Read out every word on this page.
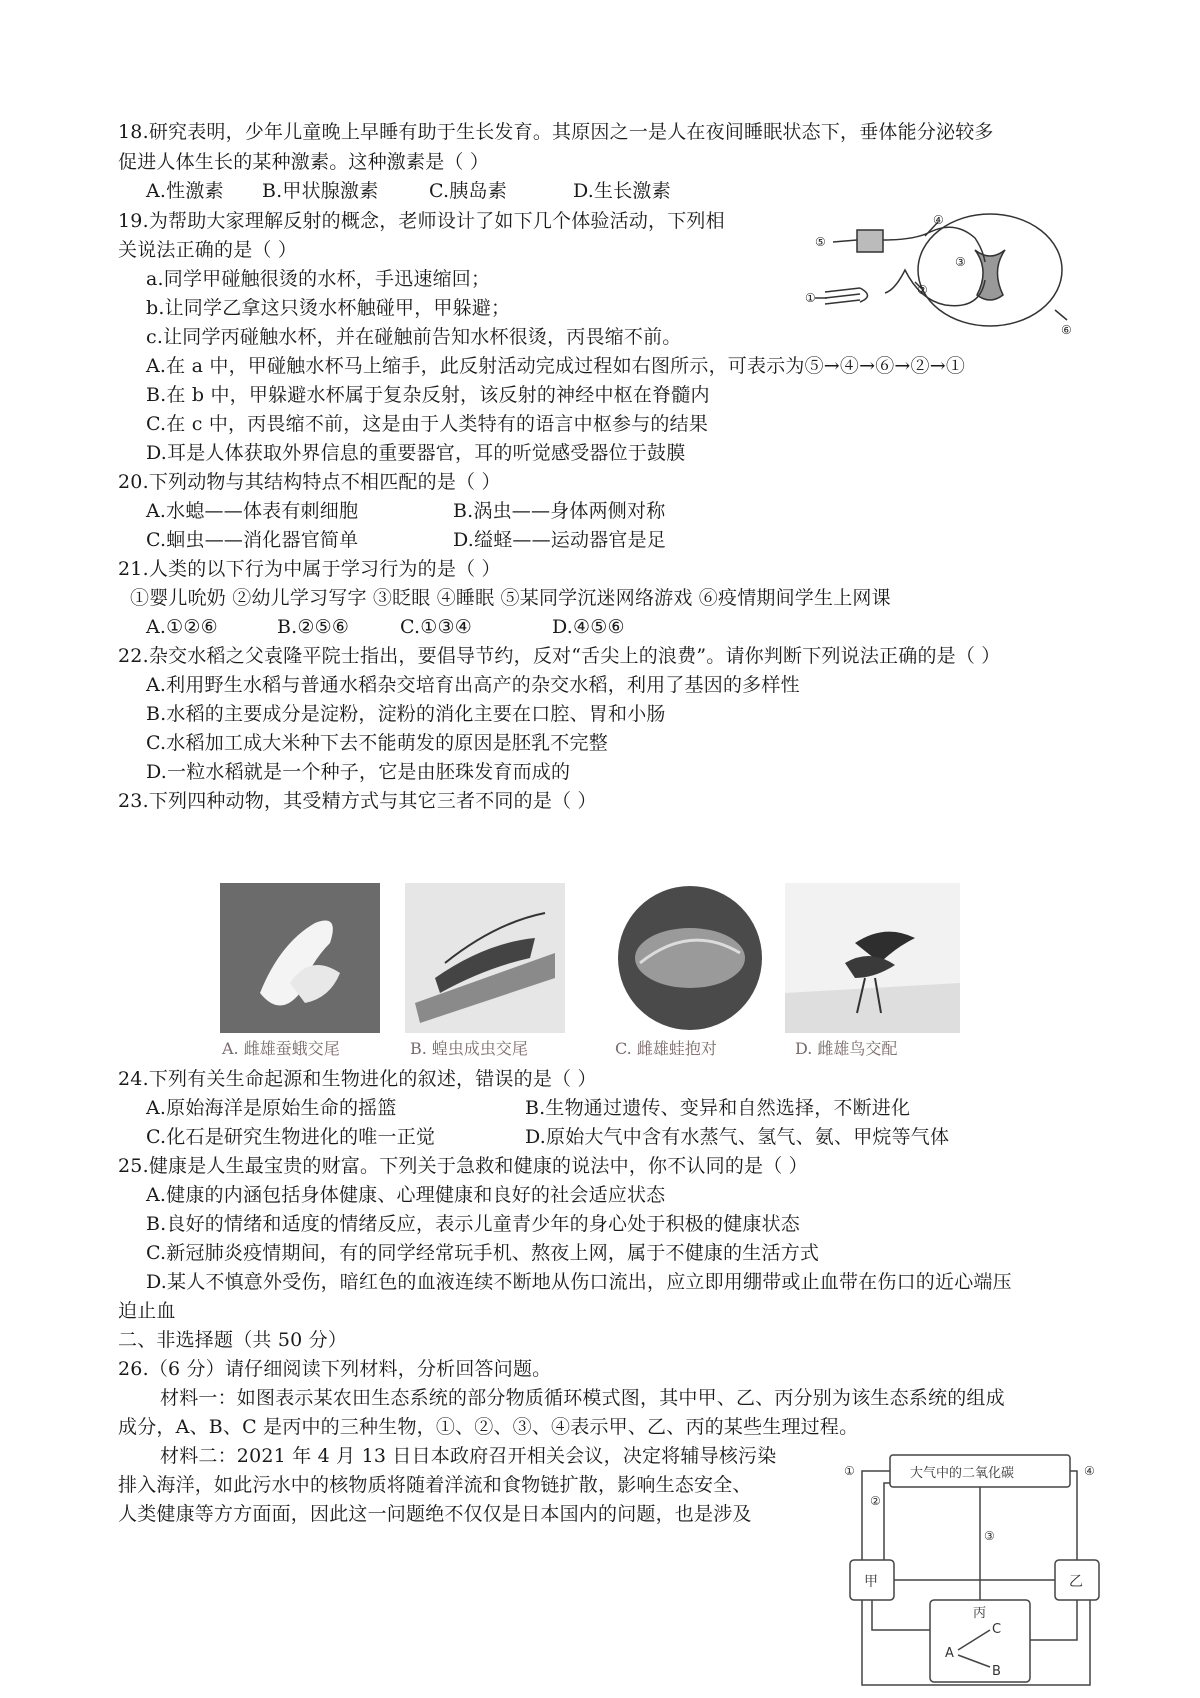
18.研究表明，少年儿童晚上早睡有助于生长发育。其原因之一是人在夜间睡眠状态下，垂体能分泌较多
促进人体生长的某种激素。这种激素是（ ）
A.性激素 B.甲状腺激素	C.胰岛素	D.生长激素
19.为帮助大家理解反射的概念，老师设计了如下几个体验活动，下列相
关说法正确的是（ ）
a.同学甲碰触很烫的水杯，手迅速缩回；
b.让同学乙拿这只烫水杯触碰甲，甲躲避；
c.让同学丙碰触水杯，并在碰触前告知水杯很烫，丙畏缩不前。
A.在 a 中，甲碰触水杯马上缩手，此反射活动完成过程如右图所示，可表示为⑤→④→⑥→②→①
B.在 b 中，甲躲避水杯属于复杂反射，该反射的神经中枢在脊髓内
C.在 c 中，丙畏缩不前，这是由于人类特有的语言中枢参与的结果
D.耳是人体获取外界信息的重要器官，耳的听觉感受器位于鼓膜
⑤
①
④
②
③
⑥
20.下列动物与其结构特点不相匹配的是（ ）
A.水螅——体表有刺细胞	B.涡虫——身体两侧对称
C.蛔虫——消化器官简单	D.缢蛏——运动器官是足
21.人类的以下行为中属于学习行为的是（ ）
①婴儿吮奶 ②幼儿学习写字 ③眨眼 ④睡眠 ⑤某同学沉迷网络游戏 ⑥疫情期间学生上网课
A.①②⑥	B.②⑤⑥	C.①③④	D.④⑤⑥
22.杂交水稻之父袁隆平院士指出，要倡导节约，反对“舌尖上的浪费”。请你判断下列说法正确的是（ ）
A.利用野生水稻与普通水稻杂交培育出高产的杂交水稻，利用了基因的多样性
B.水稻的主要成分是淀粉，淀粉的消化主要在口腔、胃和小肠
C.水稻加工成大米种下去不能萌发的原因是胚乳不完整
D.一粒水稻就是一个种子，它是由胚珠发育而成的
23.下列四种动物，其受精方式与其它三者不同的是（ ）
A. 雌雄蚕蛾交尾	B. 蝗虫成虫交尾	C. 雌雄蛙抱对	D. 雌雄鸟交配
24.下列有关生命起源和生物进化的叙述，错误的是（ ）
A.原始海洋是原始生命的摇篮	B.生物通过遗传、变异和自然选择，不断进化
C.化石是研究生物进化的唯一正觉	D.原始大气中含有水蒸气、氢气、氨、甲烷等气体
25.健康是人生最宝贵的财富。下列关于急救和健康的说法中，你不认同的是（ ）
A.健康的内涵包括身体健康、心理健康和良好的社会适应状态
B.良好的情绪和适度的情绪反应，表示儿童青少年的身心处于积极的健康状态
C.新冠肺炎疫情期间，有的同学经常玩手机、熬夜上网，属于不健康的生活方式
D.某人不慎意外受伤，暗红色的血液连续不断地从伤口流出，应立即用绷带或止血带在伤口的近心端压
迫止血
二、非选择题（共 50 分）
26.（6 分）请仔细阅读下列材料，分析回答问题。
材料一：如图表示某农田生态系统的部分物质循环模式图，其中甲、乙、丙分别为该生态系统的组成
成分，A、B、C 是丙中的三种生物，①、②、③、④表示甲、乙、丙的某些生理过程。
材料二：2021 年 4 月 13 日日本政府召开相关会议，决定将辅导核污染
排入海洋，如此污水中的核物质将随着洋流和食物链扩散，影响生态安全、
人类健康等方方面面，因此这一问题绝不仅仅是日本国内的问题，也是涉及
大气中的二氧化碳
甲	乙
丙
A
B
C
①
②
③
④
